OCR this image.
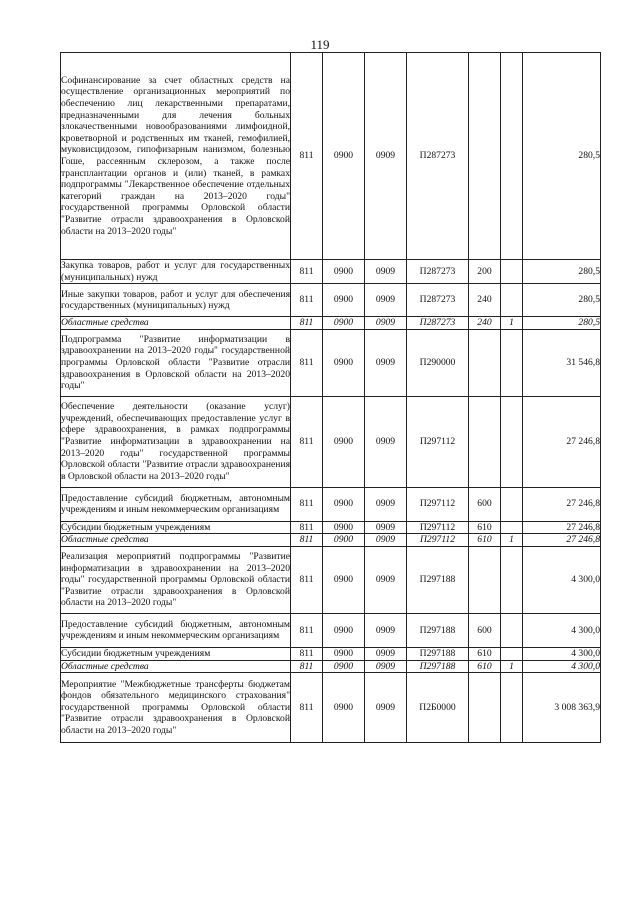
119
Софинансирование за счет областных средств на осуществление организационных мероприятий по обеспечению лиц лекарственными препаратами, предназначенными для лечения больных злокачественными новообразованиями лимфоидной, кроветворной и родственных им тканей, гемофилией, муковисцидозом, гипофизарным нанизмом, болезнью Гоше, рассеянным склерозом, а также после трансплантации органов и (или) тканей, в рамках подпрограммы "Лекарственное обеспечение отдельных категорий граждан на 2013–2020 годы" государственной программы Орловской области "Развитие отрасли здравоохранения в Орловской области на 2013–2020 годы"	811	0900	0909	П287273			280,5
Закупка товаров, работ и услуг для государственных (муниципальных) нужд	811	0900	0909	П287273	200		280,5
Иные закупки товаров, работ и услуг для обеспечения государственных (муниципальных) нужд	811	0900	0909	П287273	240		280,5
Областные средства	811	0900	0909	П287273	240	1	280,5
Подпрограмма "Развитие информатизации в здравоохранении на 2013–2020 годы" государственной программы Орловской области "Развитие отрасли здравоохранения в Орловской области на 2013–2020 годы"	811	0900	0909	П290000			31 546,8
Обеспечение деятельности (оказание услуг) учреждений, обеспечивающих предоставление услуг в сфере здравоохранения, в рамках подпрограммы "Развитие информатизации в здравоохранении на 2013–2020 годы" государственной программы Орловской области "Развитие отрасли здравоохранения в Орловской области на 2013–2020 годы"	811	0900	0909	П297112			27 246,8
Предоставление субсидий бюджетным, автономным учреждениям и иным некоммерческим организациям	811	0900	0909	П297112	600		27 246,8
Субсидии бюджетным учреждениям	811	0900	0909	П297112	610		27 246,8
Областные средства	811	0900	0909	П297112	610	1	27 246,8
Реализация мероприятий подпрограммы "Развитие информатизации в здравоохранении на 2013–2020 годы" государственной программы Орловской области "Развитие отрасли здравоохранения в Орловской области на 2013–2020 годы"	811	0900	0909	П297188			4 300,0
Предоставление субсидий бюджетным, автономным учреждениям и иным некоммерческим организациям	811	0900	0909	П297188	600		4 300,0
Субсидии бюджетным учреждениям	811	0900	0909	П297188	610		4 300,0
Областные средства	811	0900	0909	П297188	610	1	4 300,0
Мероприятие "Межбюджетные трансферты бюджетам фондов обязательного медицинского страхования" государственной программы Орловской области "Развитие отрасли здравоохранения в Орловской области на 2013–2020 годы"	811	0900	0909	П2Б0000			3 008 363,9
